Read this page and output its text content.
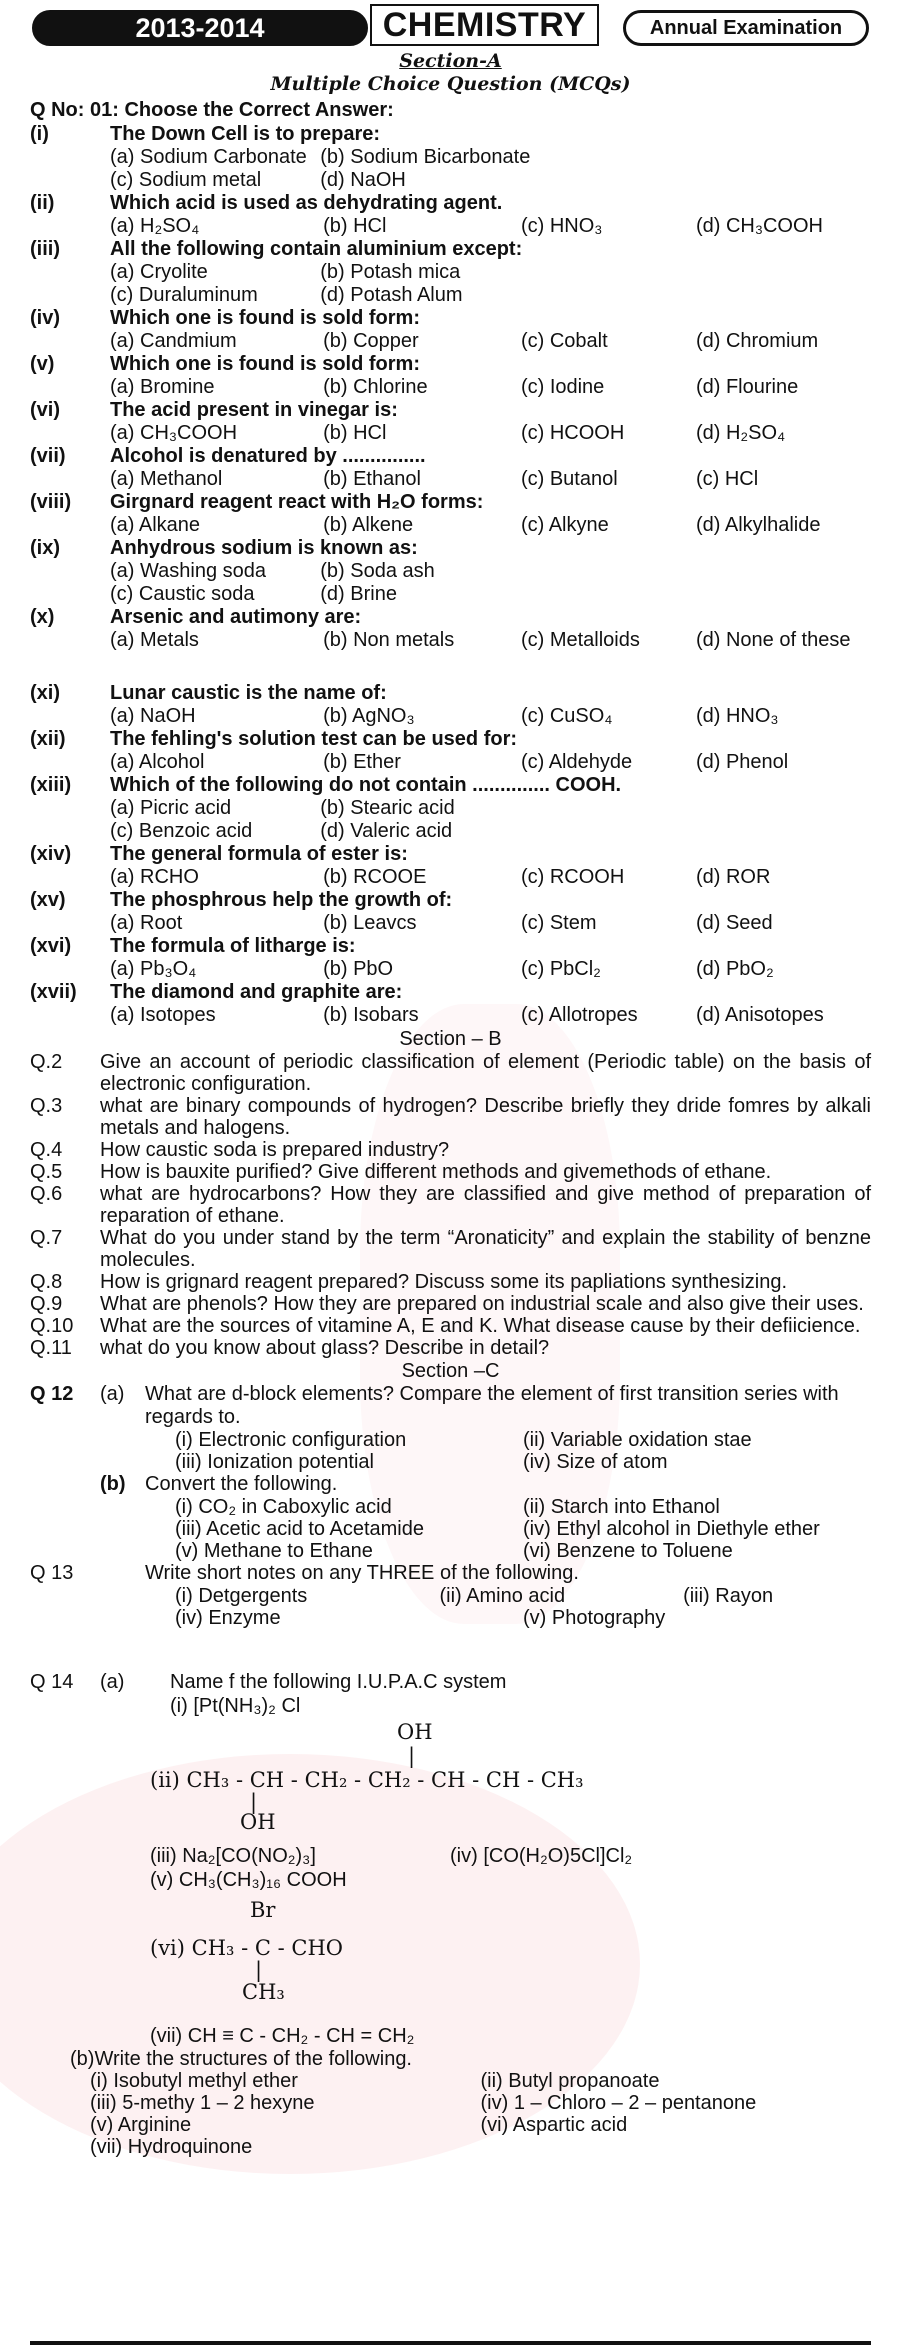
2013-2014	CHEMISTRY	Annual Examination
Section-A
Multiple Choice Question (MCQs)
Q No: 01: Choose the Correct Answer:
(i)	The Down Cell is to prepare:
(a) Sodium Carbonate (b) Sodium Bicarbonate
(c) Sodium metal	(d) NaOH
(ii)	Which acid is used as dehydrating agent.
(a) H₂SO₄	(b) HCl	(c) HNO₃	(d) CH₃COOH
(iii)	All the following contain aluminium except:
(a) Cryolite	(b) Potash mica
(c) Duraluminum	(d) Potash Alum
(iv)	Which one is found is sold form:
(a) Candmium	(b) Copper	(c) Cobalt	(d) Chromium
(v)	Which one is found is sold form:
(a) Bromine	(b) Chlorine	(c) Iodine	(d) Flourine
(vi)	The acid present in vinegar is:
(a) CH₃COOH	(b) HCl	(c) HCOOH	(d) H₂SO₄
(vii)	Alcohol is denatured by ...............
(a) Methanol	(b) Ethanol	(c) Butanol	(c) HCl
(viii)	Girgnard reagent react with H₂O forms:
(a) Alkane	(b) Alkene	(c) Alkyne	(d) Alkylhalide
(ix)	Anhydrous sodium is known as:
(a) Washing soda	(b) Soda ash
(c) Caustic soda	(d) Brine
(x)	Arsenic and autimony are:
(a) Metals	(b) Non metals	(c) Metalloids	(d) None of these
(xi)	Lunar caustic is the name of:
(a) NaOH	(b) AgNO₃	(c) CuSO₄	(d) HNO₃
(xii)	The fehling's solution test can be used for:
(a) Alcohol	(b) Ether	(c) Aldehyde	(d) Phenol
(xiii)	Which of the following do not contain .............. COOH.
(a) Picric acid	(b) Stearic acid
(c) Benzoic acid	(d) Valeric acid
(xiv)	The general formula of ester is:
(a) RCHO	(b) RCOOE	(c) RCOOH	(d) ROR
(xv)	The phosphrous help the growth of:
(a) Root	(b) Leavcs	(c) Stem	(d) Seed
(xvi)	The formula of litharge is:
(a) Pb₃O₄	(b) PbO	(c) PbCl₂	(d) PbO₂
(xvii)	The diamond and graphite are:
(a) Isotopes	(b) Isobars	(c) Allotropes	(d) Anisotopes
Section – B
Q.2	Give an account of periodic classification of element (Periodic table) on the basis of electronic configuration.
Q.3	what are binary compounds of hydrogen? Describe briefly they dride fomres by alkali metals and halogens.
Q.4	How caustic soda is prepared industry?
Q.5	How is bauxite purified? Give different methods and givemethods of ethane.
Q.6	what are hydrocarbons? How they are classified and give method of preparation of reparation of ethane.
Q.7	What do you under stand by the term “Aronaticity” and explain the stability of benzne molecules.
Q.8	How is grignard reagent prepared? Discuss some its papliations synthesizing.
Q.9	What are phenols? How they are prepared on industrial scale and also give their uses.
Q.10	What are the sources of vitamine A, E and K. What disease cause by their defiicience.
Q.11	what do you know about glass? Describe in detail?
Section –C
Q 12	(a)	What are d-block elements? Compare the element of first transition series with regards to.
(i) Electronic configuration	(ii) Variable oxidation stae
(iii) Ionization potential	(iv) Size of atom
(b) Convert the following.
(i) CO₂ in Caboxylic acid	(ii) Starch into Ethanol
(iii) Acetic acid to Acetamide	(iv) Ethyl alcohol in Diethyle ether
(v) Methane to Ethane	(vi) Benzene to Toluene
Q 13	Write short notes on any THREE of the following.
(i) Detgergents	(ii) Amino acid	(iii) Rayon
(iv) Enzyme	(v) Photography
Q 14	(a)	Name f the following I.U.P.A.C system
(i) [Pt(NH₃)₂ Cl
OH
|
(ii) CH₃ - CH - CH₂ - CH₂ - CH - CH - CH₃
|
OH
(iii) Na₂[CO(NO₂)₃]	(iv) [CO(H₂O)5Cl]Cl₂
(v) CH₃(CH₃)₁₆ COOH
Br
(vi) CH₃ - C - CHO
|
CH₃
(vii) CH ≡ C - CH₂ - CH = CH₂
(b)Write the structures of the following.
(i) Isobutyl methyl ether	(ii) Butyl propanoate
(iii) 5-methy 1 – 2 hexyne	(iv) 1 – Chloro – 2 – pentanone
(v) Arginine	(vi) Aspartic acid
(vii) Hydroquinone
